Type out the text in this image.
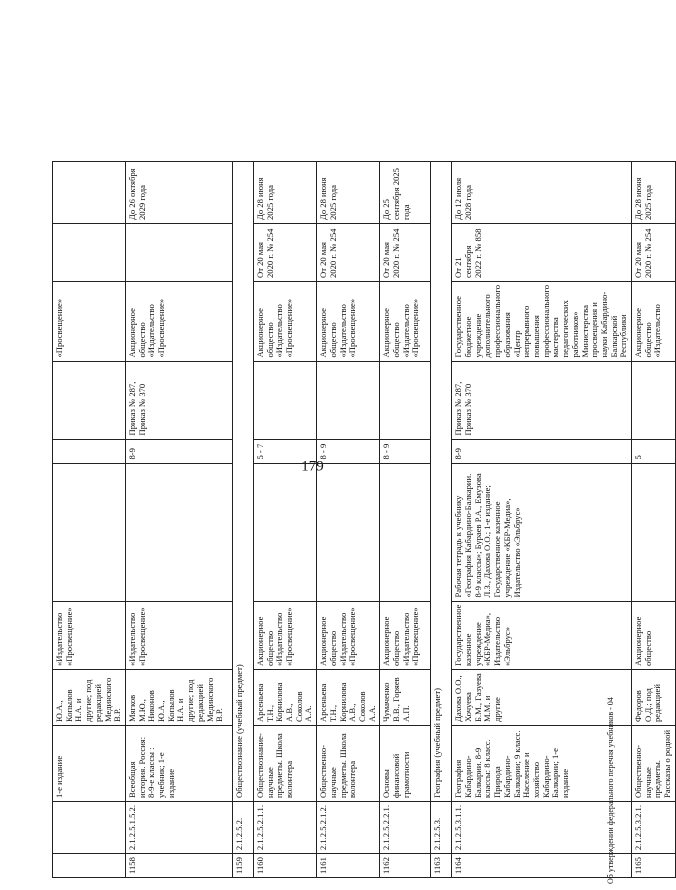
179
		1-е издание	Ю.А., Копылов Н.А. и другие; под редакцией Мединского В.Р.	«Издательство «Просвещение»				«Просвещение»		
1158	2.1.2.5.1.5.2.	Всеобщая история. Россия: 8-9-е классы : учебник; 1-е издание	Мягков М.Ю., Никонов Ю.А., Копылов Н.А. и другие; под редакцией Мединского В.Р.	«Издательство «Просвещение»		8-9	Приказ № 287, Приказ № 370	Акционерное общество «Издательство «Просвещение»		До 26 октября 2029 года
1159	2.1.2.5.2.	Обществознание (учебный предмет)								
1160	2.1.2.5.2.1.1.	Обществознание-научные предметы. Школа волонтера	Арсеньева Т.Н., Корнилова А.В., Соколов А.А.	Акционерное общество «Издательство «Просвещение»		5 - 7		Акционерное общество «Издательство «Просвещение»	От 20 мая 2020 г. № 254	До 28 июня 2025 года
1161	2.1.2.5.2.1.2.	Общественно-научные предметы. Школа волонтера	Арсеньева Т.Н., Корнилова А.В., Соколов А.А.	Акционерное общество «Издательство «Просвещение»		8 - 9		Акционерное общество «Издательство «Просвещение»	От 20 мая 2020 г. № 254	До 28 июня 2025 года
1162	2.1.2.5.2.2.1.	Основы финансовой грамотности	Чумаченко В.В., Горяев А.П.	Акционерное общество «Издательство «Просвещение»		8 - 9		Акционерное общество «Издательство «Просвещение»	От 20 мая 2020 г. № 254	До 25 сентября 2025 года
1163	2.1.2.5.3.	География (учебный предмет)								
1164	2.1.2.5.3.1.1.	География Кабардино-Балкарии. 8-9 классы: 8 класс. Природа Кабардино-Балкарии; 9 класс. Население и хозяйство Кабардино-Балкарии; 1-е издание	Дахова О.О., Хочуева Б.М., Газуева М.М. и другие	Государственное казенное учреждение «КБР-Медиа», Издательство «Эльбрус»	Рабочая тетрадь к учебнику «География Кабардино-Балкарии. 8-9 классы»; Бураев Р.А., Емузова Л.З., Дахова О.О.; 1-е издание; Государственное казенное учреждение «КБР-Медиа», Издательство «Эльбрус»	8-9	Приказ № 287, Приказ № 370	Государственное бюджетное учреждение дополнительного профессионального образования «Центр непрерывного повышения профессионального мастерства педагогических работников» Министерства просвещения и науки Кабардино-Балкарской Республики	От 21 сентября 2022 г. № 858	До 12 июля 2028 года
1165	2.1.2.5.3.2.1.	Общественно-научные предметы. Рассказы о родной	Федоров О.Д.; под редакцией	Акционерное общество		5		Акционерное общество «Издательство	От 20 мая 2020 г. № 254	До 28 июня 2025 года
Об утверждении федерального перечня учебников - 04
